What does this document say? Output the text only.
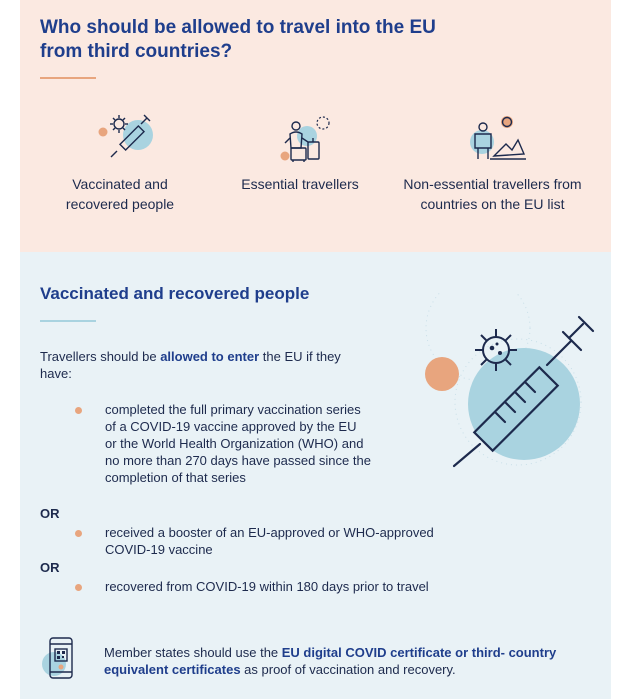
Who should be allowed to travel into the EU from third countries?
Vaccinated and recovered people
Essential travellers	Non-essential travellers from countries on the EU list
Vaccinated and recovered people
Travellers should be allowed to enter the EU if they have:
completed the full primary vaccination series of a COVID-19 vaccine approved by the EU or the World Health Organization (WHO) and no more than 270 days have passed since the completion of that series
OR
received a booster of an EU-approved or WHO-approved COVID-19 vaccine
OR
recovered from COVID-19 within 180 days prior to travel
Member states should use the EU digital COVID certificate or third- country equivalent certificates as proof of vaccination and recovery.
